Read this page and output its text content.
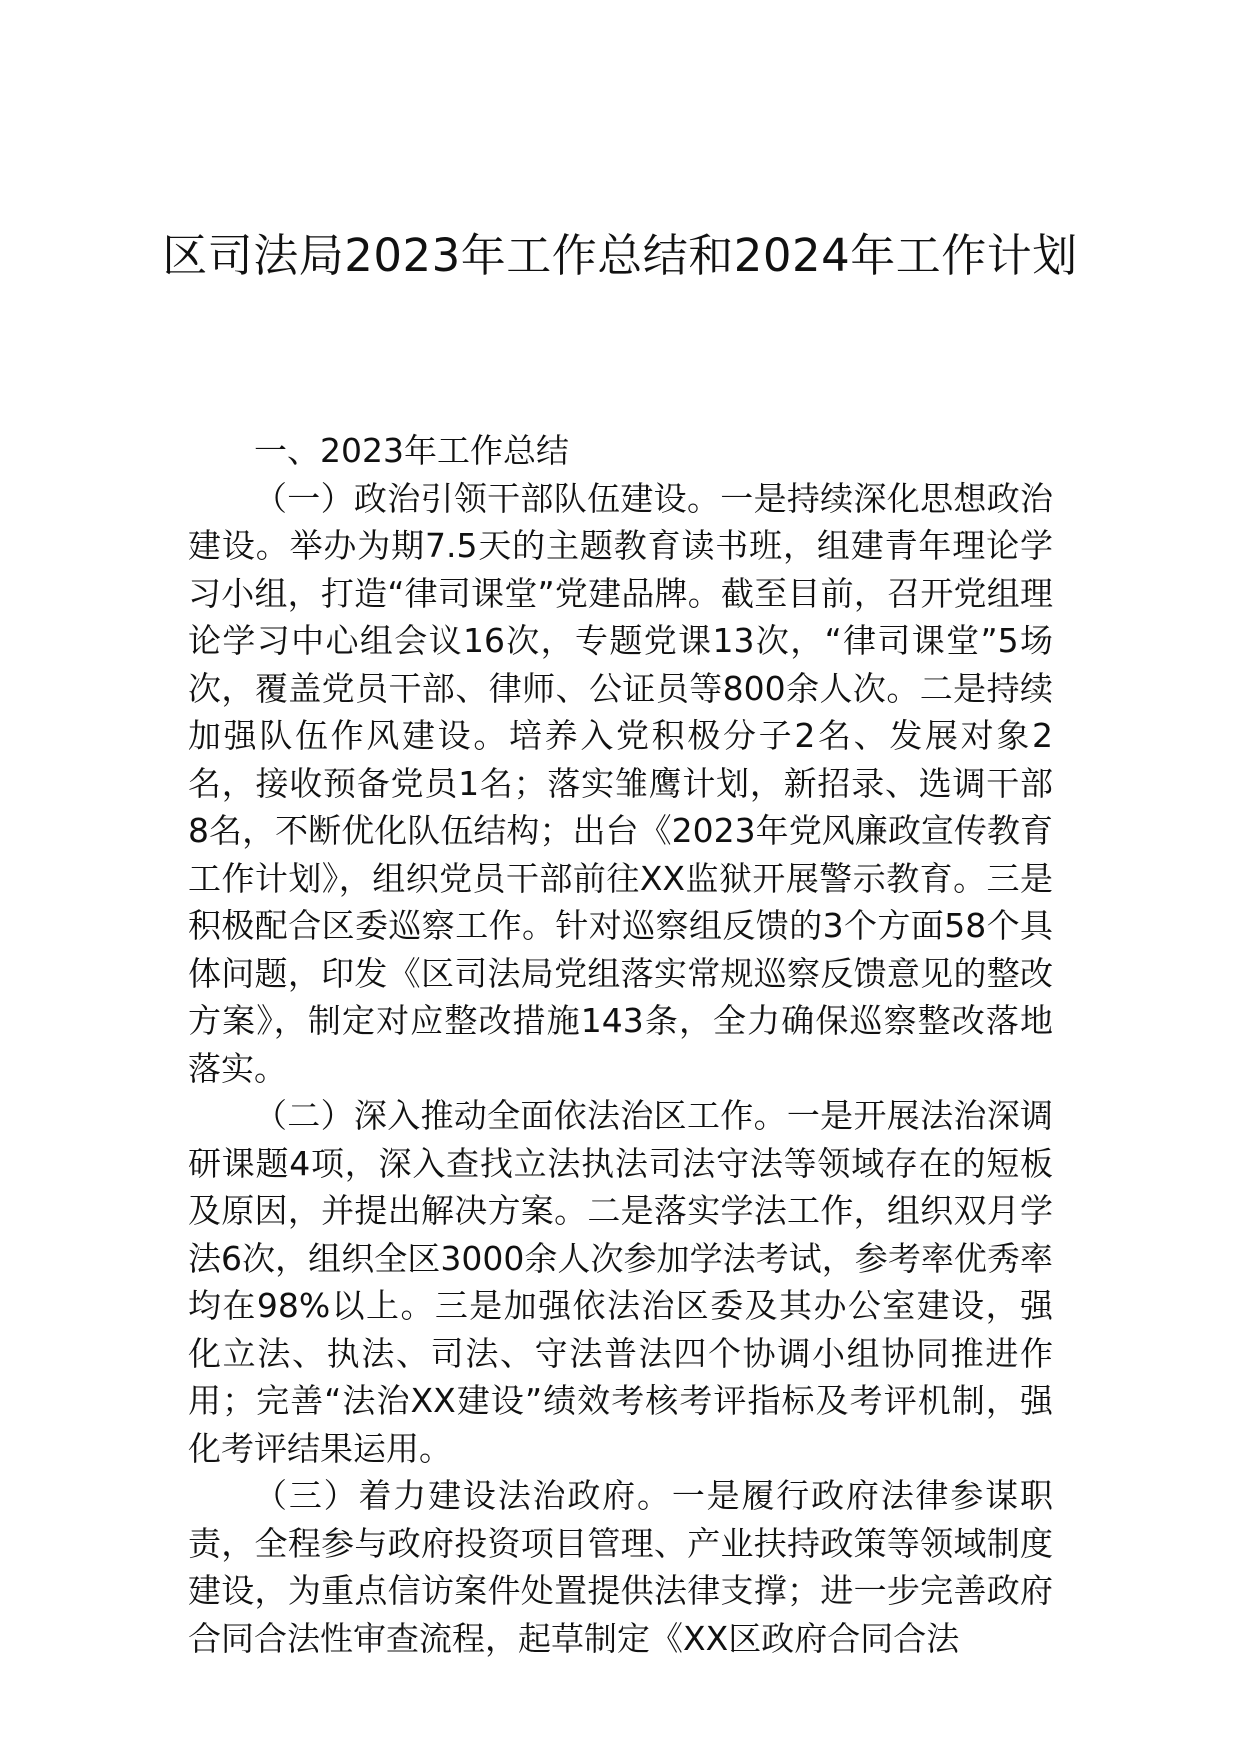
区司法局2023年工作总结和2024年工作计划
一、2023年工作总结

（一）政治引领干部队伍建设。一是持续深化思想政治建设。举办为期7.5天的主题教育读书班，组建青年理论学习小组，打造“律司课堂”党建品牌。截至目前，召开党组理论学习中心组会议16次，专题党课13次，“律司课堂”5场次，覆盖党员干部、律师、公证员等800余人次。二是持续加强队伍作风建设。培养入党积极分子2名、发展对象2名，接收预备党员1名；落实雏鹰计划，新招录、选调干部8名，不断优化队伍结构；出台《2023年党风廉政宣传教育工作计划》，组织党员干部前往XX监狱开展警示教育。三是积极配合区委巡察工作。针对巡察组反馈的3个方面58个具体问题，印发《区司法局党组落实常规巡察反馈意见的整改方案》，制定对应整改措施143条，全力确保巡察整改落地落实。

（二）深入推动全面依法治区工作。一是开展法治深调研课题4项，深入查找立法执法司法守法等领域存在的短板及原因，并提出解决方案。二是落实学法工作，组织双月学法6次，组织全区3000余人次参加学法考试，参考率优秀率均在98%以上。三是加强依法治区委及其办公室建设，强化立法、执法、司法、守法普法四个协调小组协同推进作用；完善“法治XX建设”绩效考核考评指标及考评机制，强化考评结果运用。

（三）着力建设法治政府。一是履行政府法律参谋职责，全程参与政府投资项目管理、产业扶持政策等领域制度建设，为重点信访案件处置提供法律支撑；进一步完善政府合同合法性审查流程，起草制定《XX区政府合同合法
